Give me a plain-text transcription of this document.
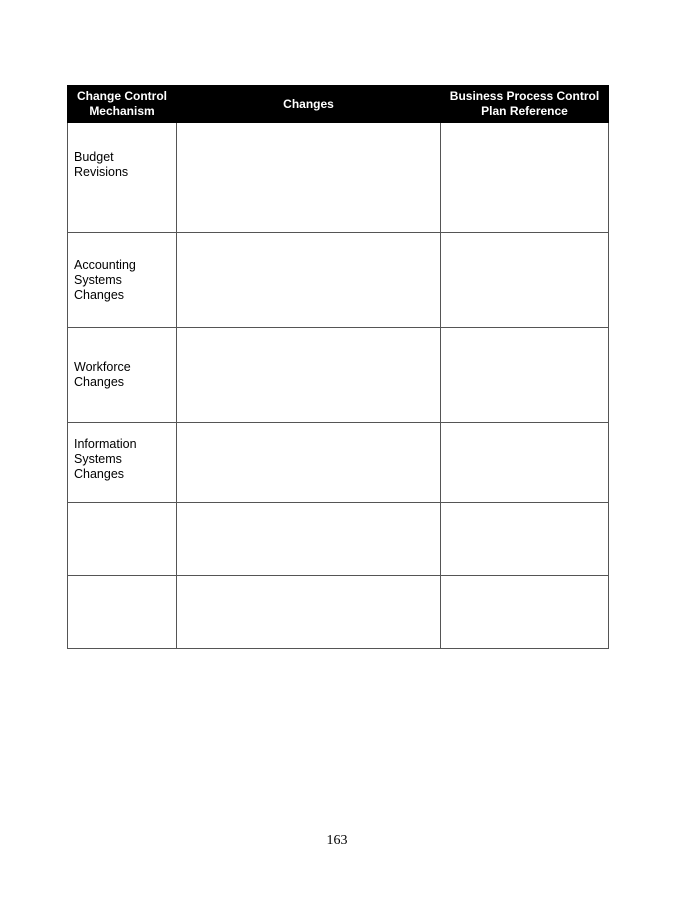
Change Control Mechanism	Changes	Business Process Control Plan Reference

Budget Revisions		

Accounting Systems Changes		

Workforce Changes		

Information Systems Changes		

163
